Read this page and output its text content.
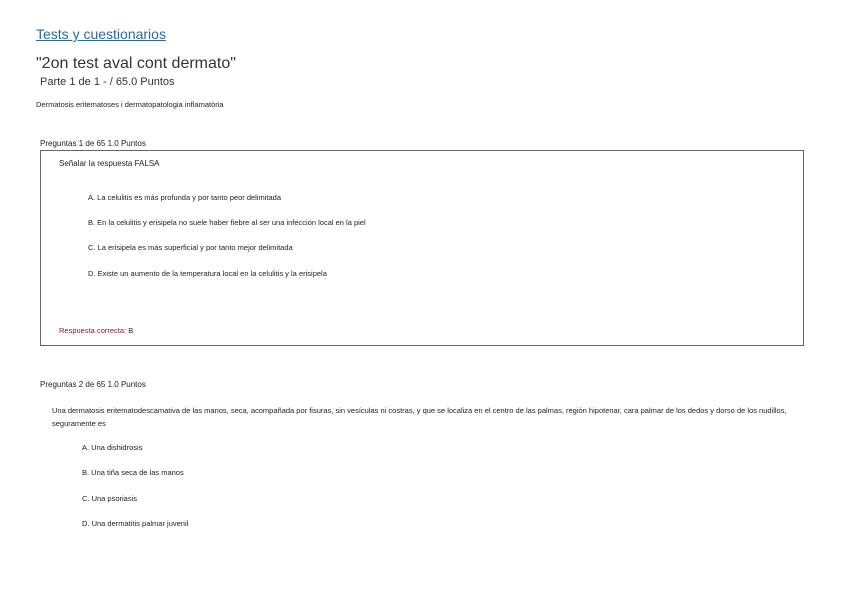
Tests y cuestionarios
"2on test aval cont dermato"
Parte 1 de 1 - / 65.0 Puntos
Dermatosis eritematoses i dermatopatologia inflamatòria
Preguntas 1 de 65 1.0 Puntos
Señalar la respuesta FALSA
A. La celulitis es más profunda y por tanto peor delimitada
B. En la celulitis y erisipela no suele haber fiebre al ser una infección local en la piel
C. La erisipela es más superficial y por tanto mejor delimitada
D. Existe un aumento de la temperatura local en la celulitis y la erisipela
Respuesta correcta: B
Preguntas 2 de 65 1.0 Puntos
Una dermatosis eritematodescamativa de las manos, seca, acompañada por fisuras, sin vesículas ni costras, y que se localiza en el centro de las palmas, región hipotenar, cara palmar de los dedos y dorso de los nudillos, seguramente es
A. Una dishidrosis
B. Una tiña seca de las manos
C. Una psoriasis
D. Una dermatitis palmar juvenil
